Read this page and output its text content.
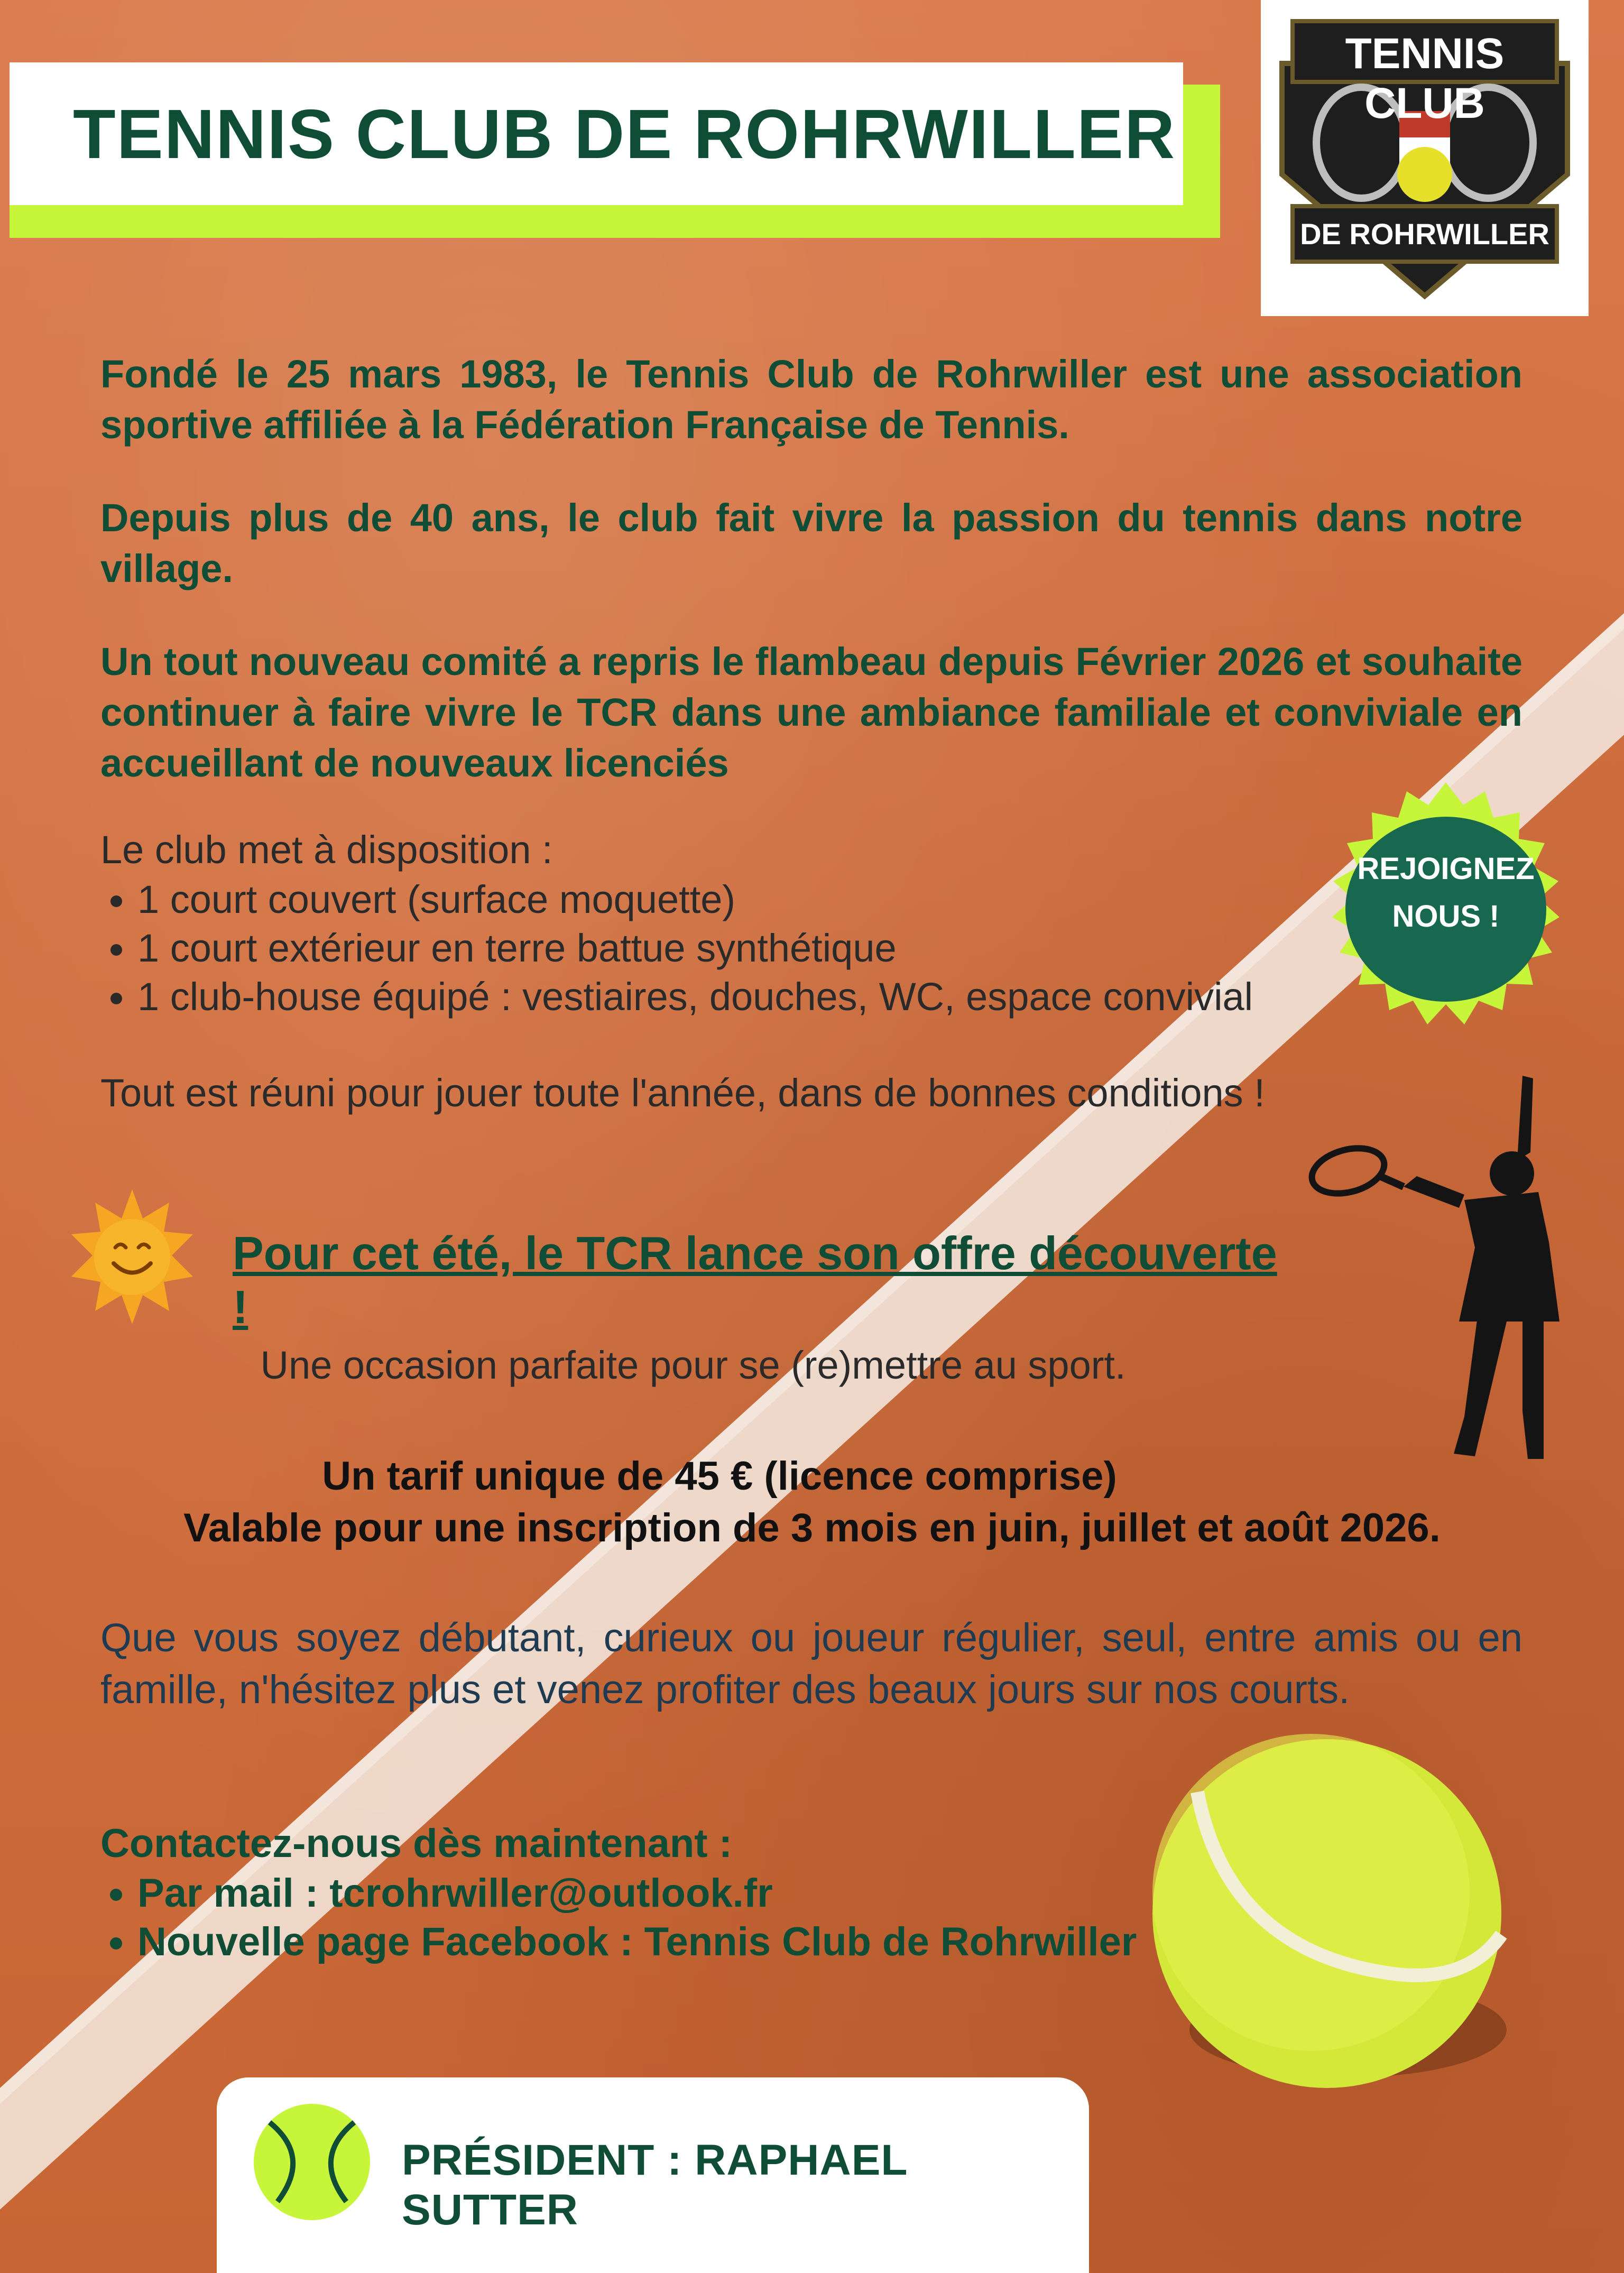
TENNIS CLUB DE ROHRWILLER
TENNIS CLUB
DE ROHRWILLER

Fondé le 25 mars 1983, le Tennis Club de Rohrwiller est une association sportive affiliée à la Fédération Française de Tennis.

Depuis plus de 40 ans, le club fait vivre la passion du tennis dans notre village.

Un tout nouveau comité a repris le flambeau depuis Février 2026 et souhaite continuer à faire vivre le TCR dans une ambiance familiale et conviviale en accueillant de nouveaux licenciés

Le club met à disposition :

• 1 court couvert (surface moquette)
• 1 court extérieur en terre battue synthétique
• 1 club-house équipé : vestiaires, douches, WC, espace convivial
Tout est réuni pour jouer toute l'année, dans de bonnes conditions !
REJOIGNEZ
NOUS !
Pour cet été, le TCR lance son offre découverte !
Une occasion parfaite pour se (re)mettre au sport.
Un tarif unique de 45 € (licence comprise)
Valable pour une inscription de 3 mois en juin, juillet et août 2026.
Que vous soyez débutant, curieux ou joueur régulier, seul, entre amis ou en famille, n'hésitez plus et venez profiter des beaux jours sur nos courts.

Contactez-nous dès maintenant :

• Par mail : tcrohrwiller@outlook.fr
• Nouvelle page Facebook : Tennis Club de Rohrwiller
PRÉSIDENT : RAPHAEL SUTTER
